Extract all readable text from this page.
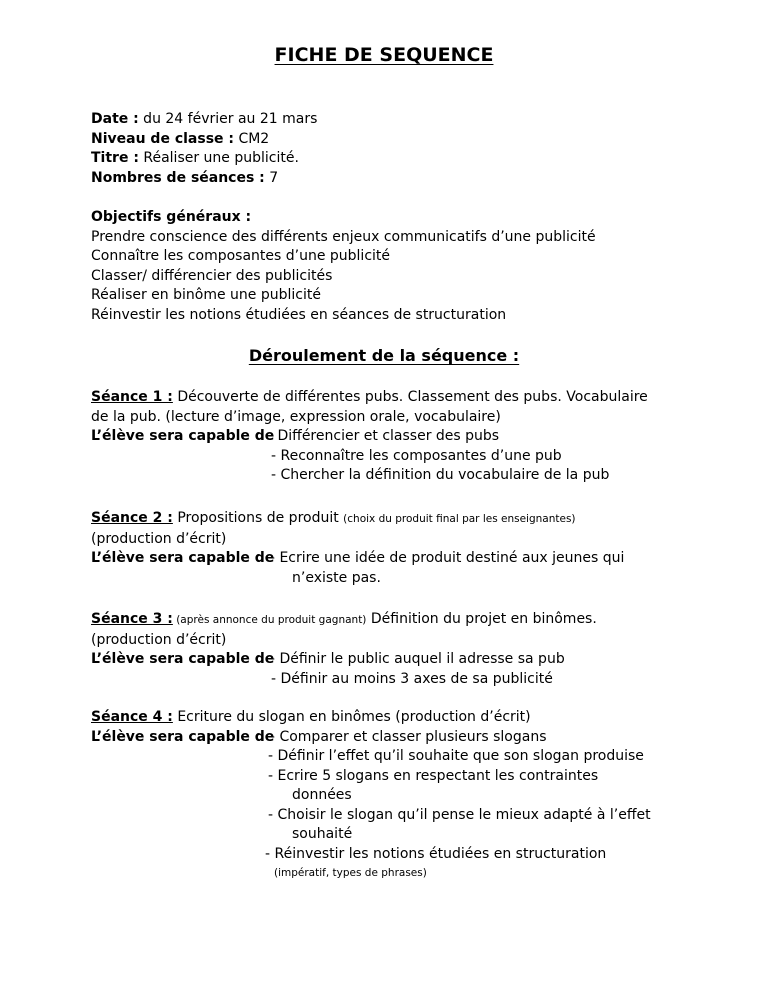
FICHE DE SEQUENCE
Date : du 24 février au 21 mars
Niveau de classe : CM2
Titre : Réaliser une publicité.
Nombres de séances : 7
Objectifs généraux :
Prendre conscience des différents enjeux communicatifs d’une publicité
Connaître les composantes d’une publicité
Classer/ différencier des publicités
Réaliser en binôme une publicité
Réinvestir les notions étudiées en séances de structuration
Déroulement de la séquence :
Séance 1 : Découverte de différentes pubs. Classement des pubs. Vocabulaire
de la pub. (lecture d’image, expression orale, vocabulaire)
L’élève sera capable de
- Différencier et classer des pubs
- Reconnaître les composantes d’une pub
- Chercher la définition du vocabulaire de la pub
Séance 2 : Propositions de produit (choix du produit final par les enseignantes)
(production d’écrit)
L’élève sera capable de
– Ecrire une idée de produit destiné aux jeunes qui
n’existe pas.
Séance 3 : (après annonce du produit gagnant) Définition du projet en binômes.
(production d’écrit)
L’élève sera capable de
– Définir le public auquel il adresse sa pub
- Définir au moins 3 axes de sa publicité
Séance 4 : Ecriture du slogan en binômes (production d’écrit)
L’élève sera capable de
– Comparer et classer plusieurs slogans
- Définir l’effet qu’il souhaite que son slogan produise
- Ecrire 5 slogans en respectant les contraintes
données
- Choisir le slogan qu’il pense le mieux adapté à l’effet
souhaité
- Réinvestir les notions étudiées en structuration
(impératif, types de phrases)
